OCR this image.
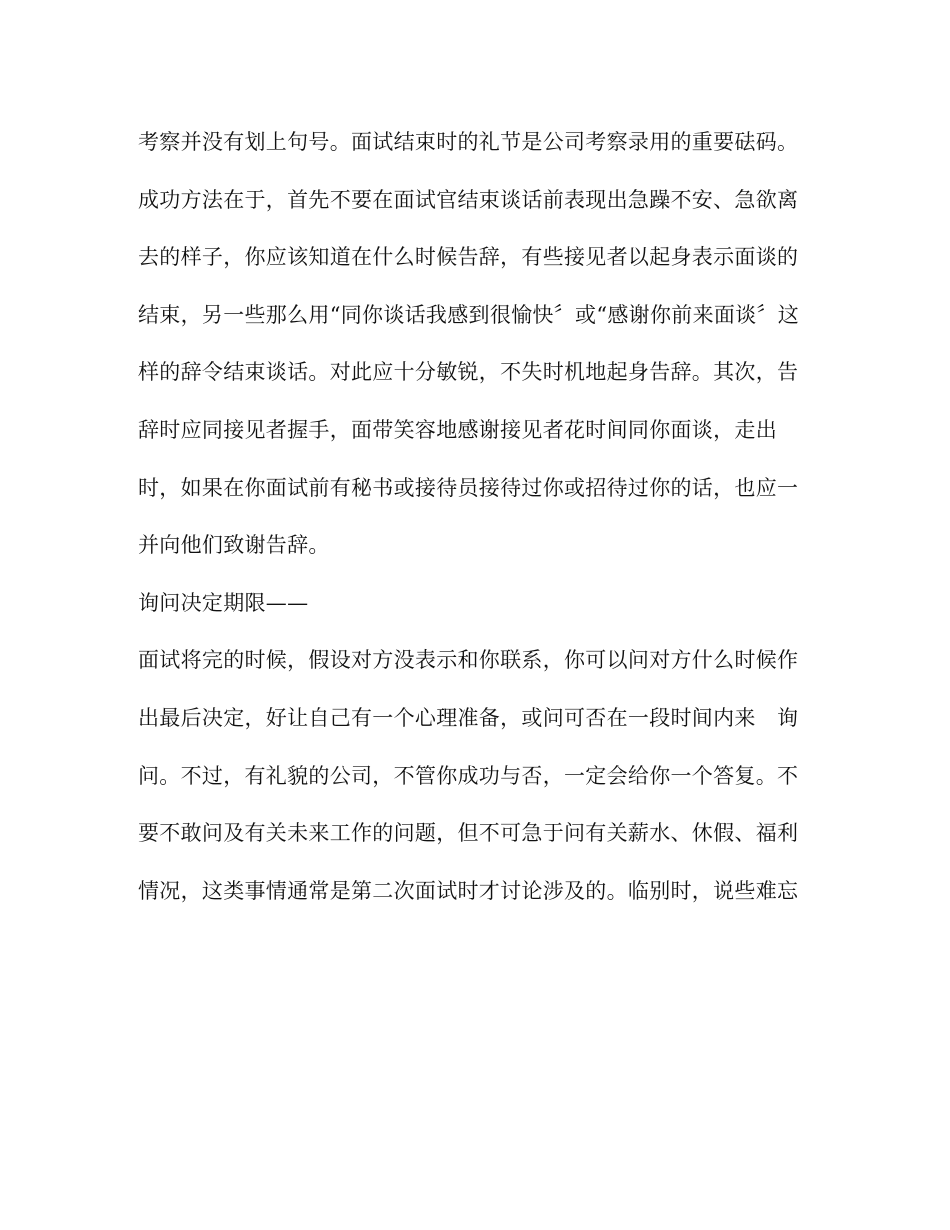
考察并没有划上句号。面试结束时的礼节是公司考察录用的重要砝码。
成功方法在于，首先不要在面试官结束谈话前表现出急躁不安、急欲离
去的样子，你应该知道在什么时候告辞，有些接见者以起身表示面谈的
结束，另一些那么用“同你谈话我感到很愉快〞或“感谢你前来面谈〞这
样的辞令结束谈话。对此应十分敏锐，不失时机地起身告辞。其次，告
辞时应同接见者握手，面带笑容地感谢接见者花时间同你面谈，走出
时，如果在你面试前有秘书或接待员接待过你或招待过你的话，也应一
并向他们致谢告辞。
询问决定期限——
面试将完的时候，假设对方没表示和你联系，你可以问对方什么时候作
出最后决定，好让自己有一个心理准备，或问可否在一段时间内来　询
问。不过，有礼貌的公司，不管你成功与否，一定会给你一个答复。不
要不敢问及有关未来工作的问题，但不可急于问有关薪水、休假、福利
情况，这类事情通常是第二次面试时才讨论涉及的。临别时，说些难忘
